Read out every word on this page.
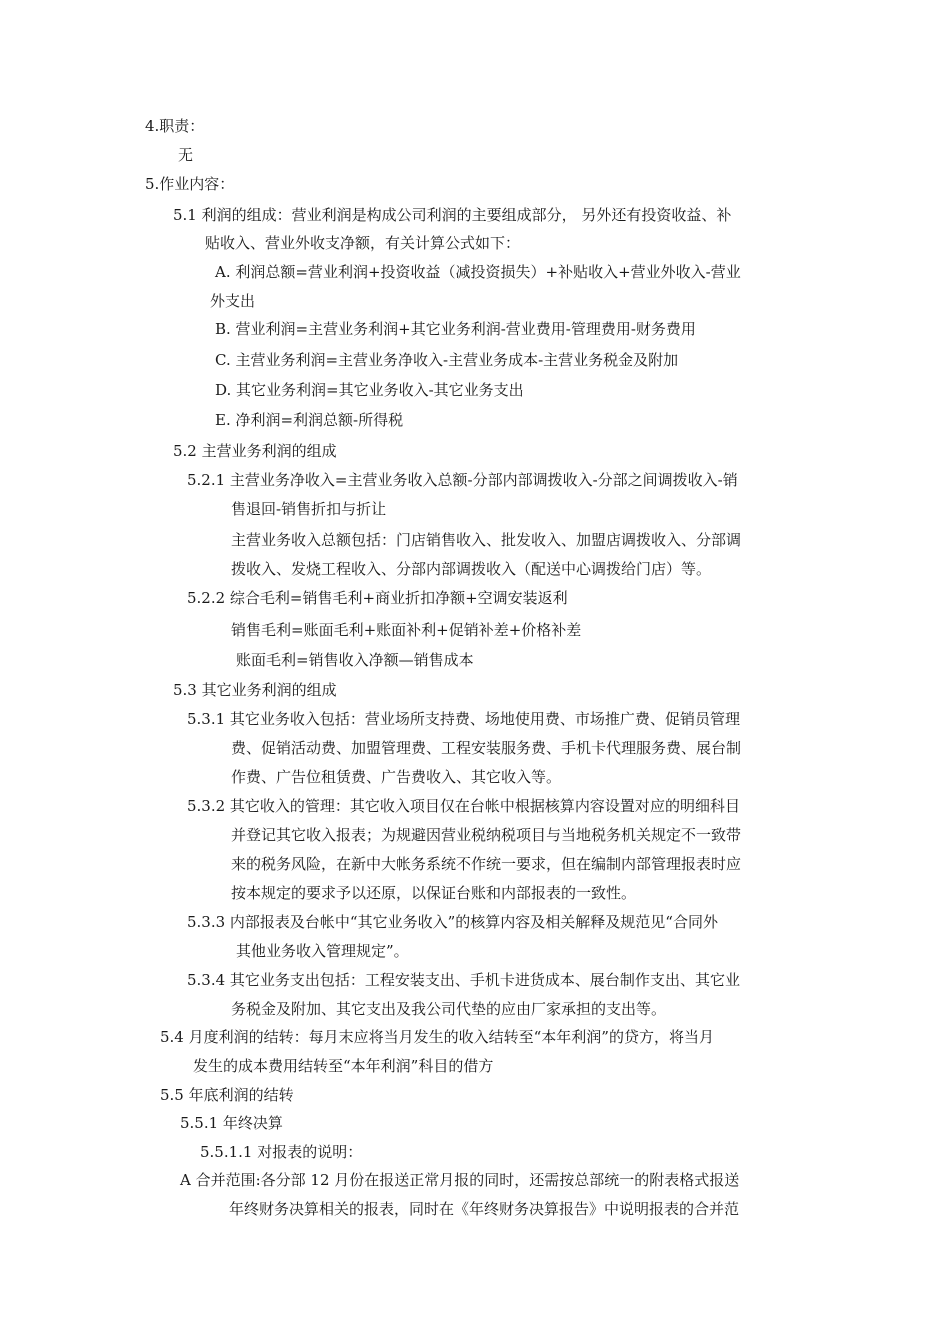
4.职责：
无
5.作业内容：
5.1 利润的组成：营业利润是构成公司利润的主要组成部分， 另外还有投资收益、补
贴收入、营业外收支净额，有关计算公式如下：
A. 利润总额=营业利润+投资收益（减投资损失）+补贴收入+营业外收入-营业
外支出
B. 营业利润=主营业务利润+其它业务利润-营业费用-管理费用-财务费用
C. 主营业务利润=主营业务净收入-主营业务成本-主营业务税金及附加
D. 其它业务利润=其它业务收入-其它业务支出
E. 净利润=利润总额-所得税
5.2 主营业务利润的组成
5.2.1 主营业务净收入=主营业务收入总额-分部内部调拨收入-分部之间调拨收入-销
售退回-销售折扣与折让
主营业务收入总额包括：门店销售收入、批发收入、加盟店调拨收入、分部调
拨收入、发烧工程收入、分部内部调拨收入（配送中心调拨给门店）等。
5.2.2 综合毛利=销售毛利+商业折扣净额+空调安装返利
销售毛利=账面毛利+账面补利+促销补差+价格补差
账面毛利=销售收入净额—销售成本
5.3 其它业务利润的组成
5.3.1 其它业务收入包括：营业场所支持费、场地使用费、市场推广费、促销员管理
费、促销活动费、加盟管理费、工程安装服务费、手机卡代理服务费、展台制
作费、广告位租赁费、广告费收入、其它收入等。
5.3.2 其它收入的管理：其它收入项目仅在台帐中根据核算内容设置对应的明细科目
并登记其它收入报表；为规避因营业税纳税项目与当地税务机关规定不一致带
来的税务风险，在新中大帐务系统不作统一要求，但在编制内部管理报表时应
按本规定的要求予以还原，以保证台账和内部报表的一致性。
5.3.3 内部报表及台帐中“其它业务收入”的核算内容及相关解释及规范见“合同外
其他业务收入管理规定”。
5.3.4 其它业务支出包括：工程安装支出、手机卡进货成本、展台制作支出、其它业
务税金及附加、其它支出及我公司代垫的应由厂家承担的支出等。
5.4 月度利润的结转：每月末应将当月发生的收入结转至“本年利润”的贷方，将当月
发生的成本费用结转至“本年利润”科目的借方
5.5 年底利润的结转
5.5.1 年终决算
5.5.1.1 对报表的说明：
A 合并范围:各分部 12 月份在报送正常月报的同时，还需按总部统一的附表格式报送
年终财务决算相关的报表，同时在《年终财务决算报告》中说明报表的合并范
